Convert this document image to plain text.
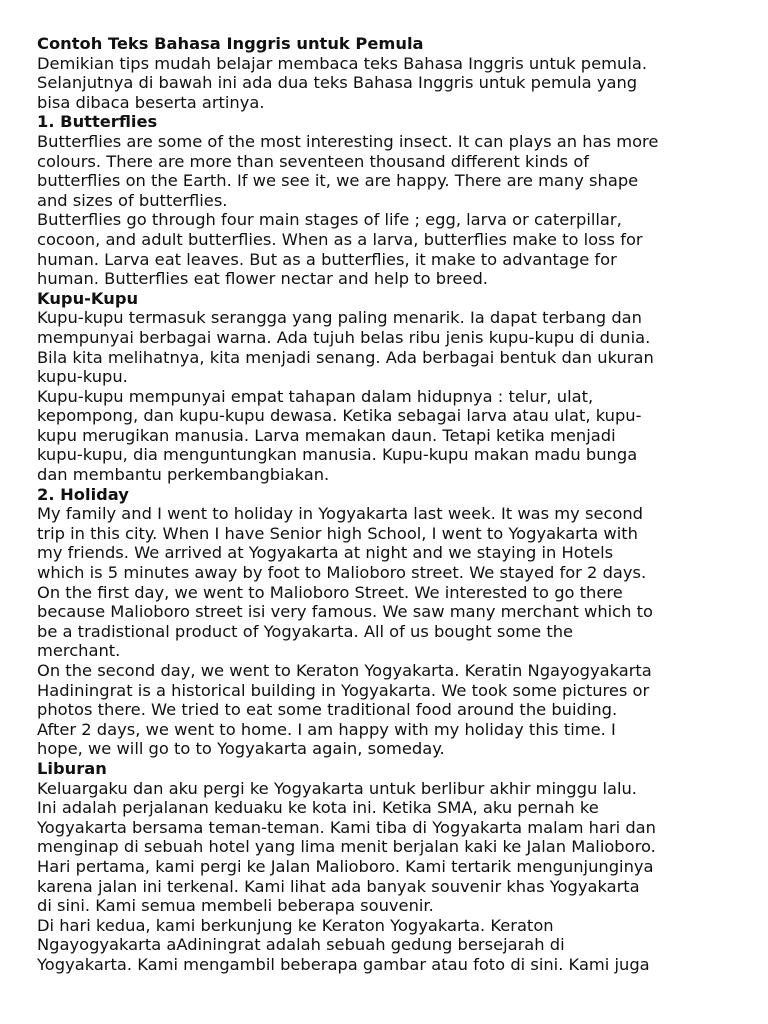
Contoh Teks Bahasa Inggris untuk Pemula
Demikian tips mudah belajar membaca teks Bahasa Inggris untuk pemula.
Selanjutnya di bawah ini ada dua teks Bahasa Inggris untuk pemula yang
bisa dibaca beserta artinya.
1. Butterflies
Butterflies are some of the most interesting insect. It can plays an has more
colours. There are more than seventeen thousand different kinds of
butterflies on the Earth. If we see it, we are happy. There are many shape
and sizes of butterflies.
Butterflies go through four main stages of life ; egg, larva or caterpillar,
cocoon, and adult butterflies. When as a larva, butterflies make to loss for
human. Larva eat leaves. But as a butterflies, it make to advantage for
human. Butterflies eat flower nectar and help to breed.
Kupu-Kupu
Kupu-kupu termasuk serangga yang paling menarik. Ia dapat terbang dan
mempunyai berbagai warna. Ada tujuh belas ribu jenis kupu-kupu di dunia.
Bila kita melihatnya, kita menjadi senang. Ada berbagai bentuk dan ukuran
kupu-kupu.
Kupu-kupu mempunyai empat tahapan dalam hidupnya : telur, ulat,
kepompong, dan kupu-kupu dewasa. Ketika sebagai larva atau ulat, kupu-
kupu merugikan manusia. Larva memakan daun. Tetapi ketika menjadi
kupu-kupu, dia menguntungkan manusia. Kupu-kupu makan madu bunga
dan membantu perkembangbiakan.
2. Holiday
My family and I went to holiday in Yogyakarta last week. It was my second
trip in this city. When I have Senior high School, I went to Yogyakarta with
my friends. We arrived at Yogyakarta at night and we staying in Hotels
which is 5 minutes away by foot to Malioboro street. We stayed for 2 days.
On the first day, we went to Malioboro Street. We interested to go there
because Malioboro street isi very famous. We saw many merchant which to
be a tradistional product of Yogyakarta. All of us bought some the
merchant.
On the second day, we went to Keraton Yogyakarta. Keratin Ngayogyakarta
Hadiningrat is a historical building in Yogyakarta. We took some pictures or
photos there. We tried to eat some traditional food around the buiding.
After 2 days, we went to home. I am happy with my holiday this time. I
hope, we will go to to Yogyakarta again, someday.
Liburan
Keluargaku dan aku pergi ke Yogyakarta untuk berlibur akhir minggu lalu.
Ini adalah perjalanan keduaku ke kota ini. Ketika SMA, aku pernah ke
Yogyakarta bersama teman-teman. Kami tiba di Yogyakarta malam hari dan
menginap di sebuah hotel yang lima menit berjalan kaki ke Jalan Malioboro.
Hari pertama, kami pergi ke Jalan Malioboro. Kami tertarik mengunjunginya
karena jalan ini terkenal. Kami lihat ada banyak souvenir khas Yogyakarta
di sini. Kami semua membeli beberapa souvenir.
Di hari kedua, kami berkunjung ke Keraton Yogyakarta. Keraton
Ngayogyakarta aAdiningrat adalah sebuah gedung bersejarah di
Yogyakarta. Kami mengambil beberapa gambar atau foto di sini. Kami juga
